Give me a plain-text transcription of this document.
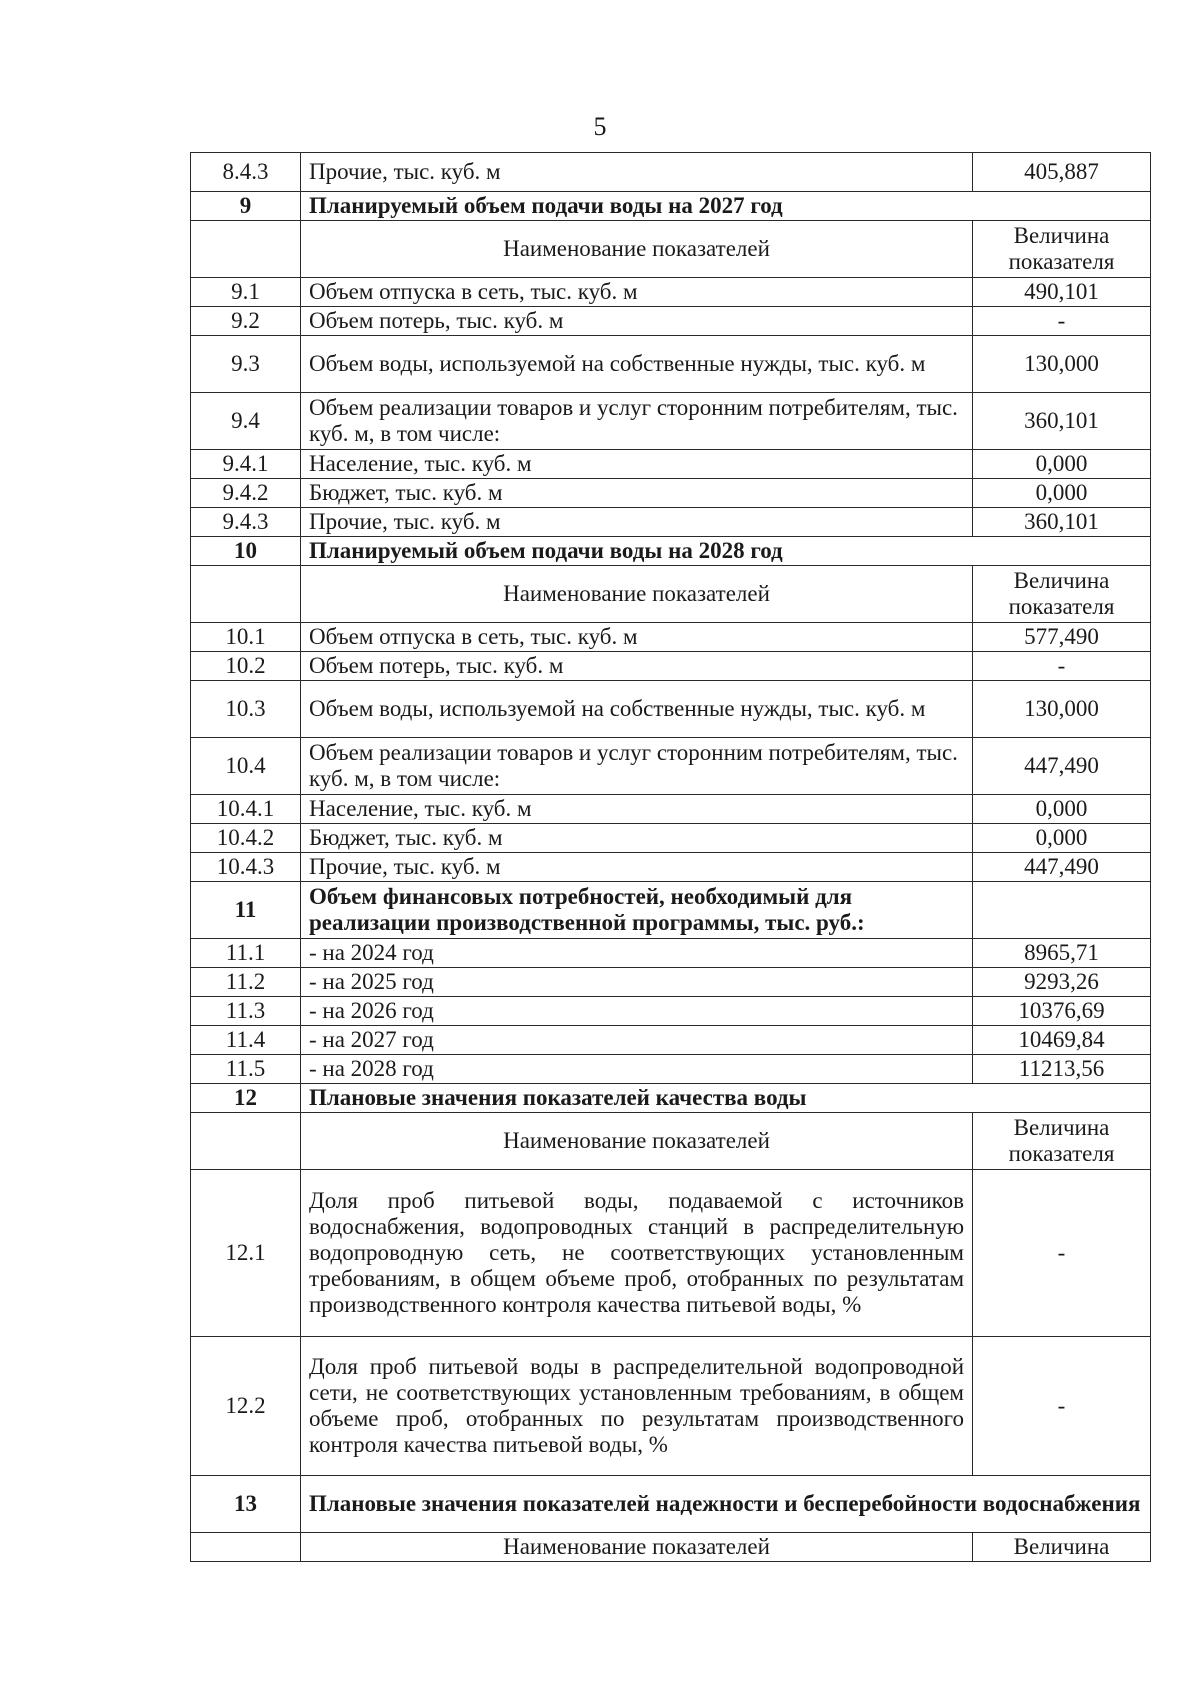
5
8.4.3	Прочие, тыс. куб. м	405,887
9	Планируемый объем подачи воды на 2027 год	
	Наименование показателей	Величина показателя
9.1	Объем отпуска в сеть, тыс. куб. м	490,101
9.2	Объем потерь, тыс. куб. м	-
9.3	Объем воды, используемой на собственные нужды, тыс. куб. м	130,000
9.4	Объем реализации товаров и услуг сторонним потребителям, тыс. куб. м, в том числе:	360,101
9.4.1	Население, тыс. куб. м	0,000
9.4.2	Бюджет, тыс. куб. м	0,000
9.4.3	Прочие, тыс. куб. м	360,101
10	Планируемый объем подачи воды на 2028 год	
	Наименование показателей	Величина показателя
10.1	Объем отпуска в сеть, тыс. куб. м	577,490
10.2	Объем потерь, тыс. куб. м	-
10.3	Объем воды, используемой на собственные нужды, тыс. куб. м	130,000
10.4	Объем реализации товаров и услуг сторонним потребителям, тыс. куб. м, в том числе:	447,490
10.4.1	Население, тыс. куб. м	0,000
10.4.2	Бюджет, тыс. куб. м	0,000
10.4.3	Прочие, тыс. куб. м	447,490
11	Объем финансовых потребностей, необходимый для реализации производственной программы, тыс. руб.:	
11.1	- на 2024 год	8965,71
11.2	- на 2025 год	9293,26
11.3	- на 2026 год	10376,69
11.4	- на 2027 год	10469,84
11.5	- на 2028 год	11213,56
12	Плановые значения показателей качества воды	
	Наименование показателей	Величина показателя
12.1	Доля проб питьевой воды, подаваемой с источников водоснабжения, водопроводных станций в распределительную водопроводную сеть, не соответствующих установленным требованиям, в общем объеме проб, отобранных по результатам производственного контроля качества питьевой воды, %	-
12.2	Доля проб питьевой воды в распределительной водопроводной сети, не соответствующих установленным требованиям, в общем объеме проб, отобранных по результатам производственного контроля качества питьевой воды, %	-
13	Плановые значения показателей надежности и бесперебойности водоснабжения	
	Наименование показателей	Величина
